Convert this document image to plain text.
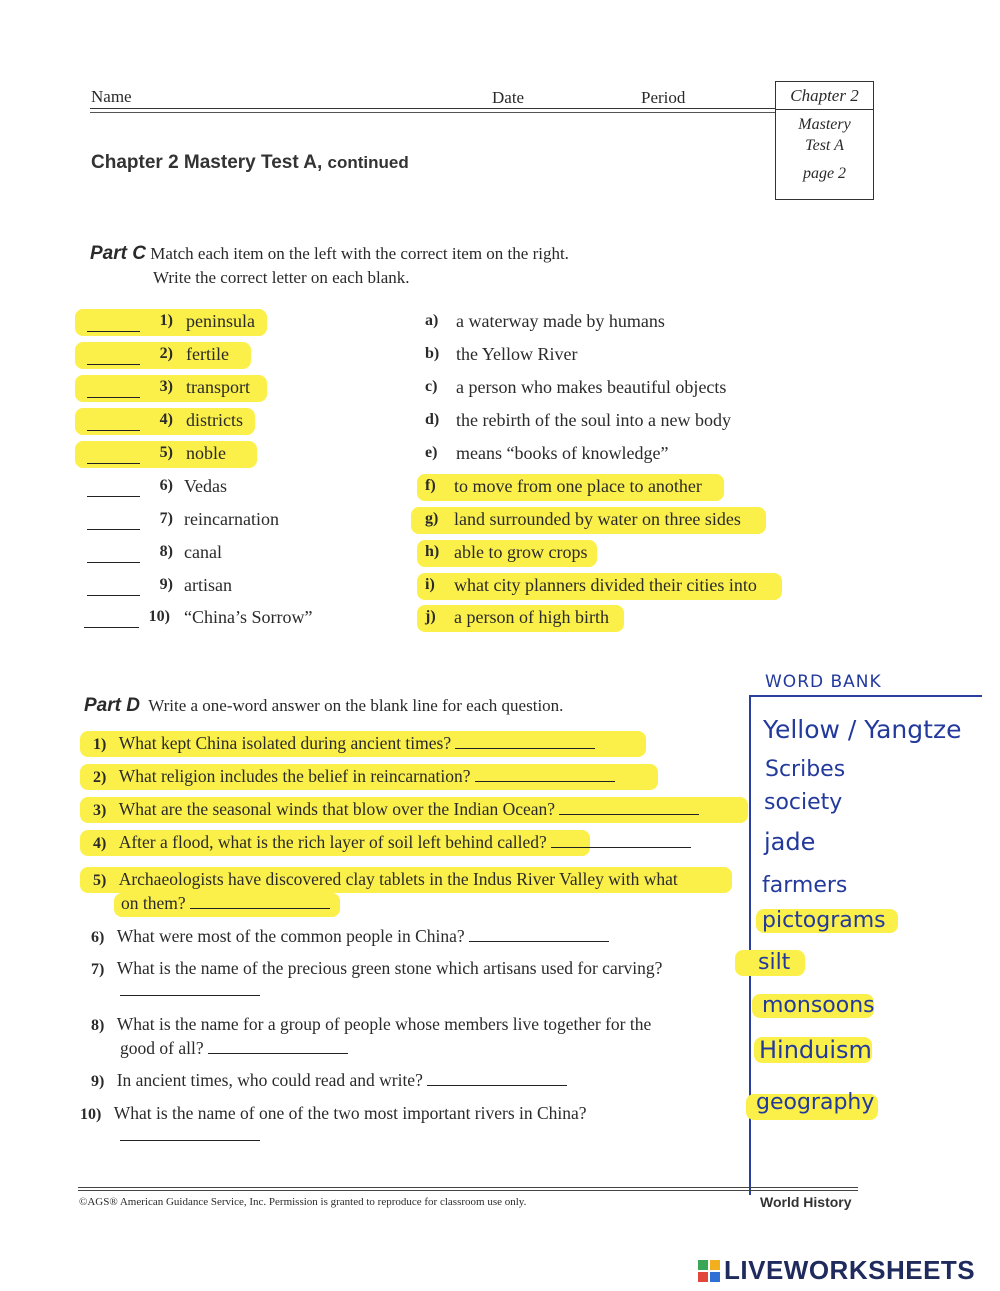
Name	Date	Period	Chapter 2
Mastery
Test A
page 2
Chapter 2 Mastery Test A, continued
Part C Match each item on the left with the correct item on the right.
Write the correct letter on each blank.
1) peninsula
2) fertile
3) transport
4) districts
5) noble
6) Vedas
7) reincarnation
8) canal
9) artisan
10) “China’s Sorrow”
a) a waterway made by humans
b) the Yellow River
c) a person who makes beautiful objects
d) the rebirth of the soul into a new body
e) means “books of knowledge”
f) to move from one place to another
g) land surrounded by water on three sides
h) able to grow crops
i) what city planners divided their cities into
j) a person of high birth
Part D Write a one-word answer on the blank line for each question.
1) What kept China isolated during ancient times?
2) What religion includes the belief in reincarnation?
3) What are the seasonal winds that blow over the Indian Ocean?
4) After a flood, what is the rich layer of soil left behind called?
5) Archaeologists have discovered clay tablets in the Indus River Valley with what
on them?
6) What were most of the common people in China?
7) What is the name of the precious green stone which artisans used for carving?
8) What is the name for a group of people whose members live together for the
good of all?
9) In ancient times, who could read and write?
10) What is the name of one of the two most important rivers in China?
WORD BANK
Yellow / Yangtze
Scribes
society
jade
farmers
pictograms
silt
monsoons
Hinduism
geography
©AGS® American Guidance Service, Inc. Permission is granted to reproduce for classroom use only.	World History
LIVEWORKSHEETS
